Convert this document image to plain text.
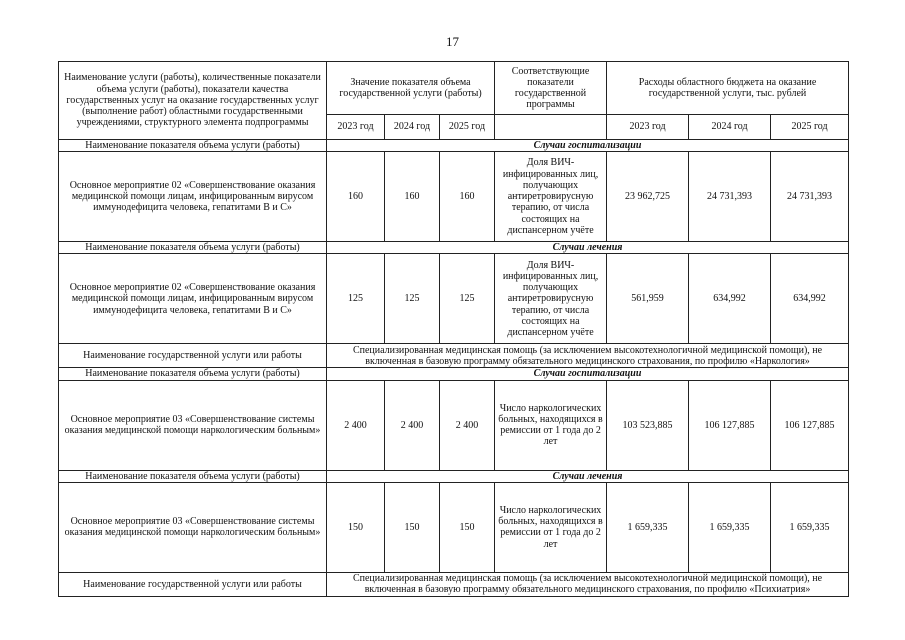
17
Наименование услуги (работы), количественные показатели объема услуги (работы), показатели качества государственных услуг на оказание государственных услуг (выполнение работ) областными государственными учреждениями, структурного элемента подпрограммы	Значение показателя объема государственной услуги (работы)			Соответствующие показатели государственной программы	Расходы областного бюджета на оказание государственной услуги, тыс. рублей		
	2023 год	2024 год	2025 год		2023 год	2024 год	2025 год
Наименование показателя объема услуги (работы)	Случаи госпитализации						
Основное мероприятие 02 «Совершенствование оказания медицинской помощи лицам, инфицированным вирусом иммунодефицита человека, гепатитами В и С»	160	160	160	Доля ВИЧ-инфицированных лиц, получающих антиретровирусную терапию, от числа состоящих на диспансерном учёте	23 962,725	24 731,393	24 731,393
Наименование показателя объема услуги (работы)	Случаи лечения						
Основное мероприятие 02 «Совершенствование оказания медицинской помощи лицам, инфицированным вирусом иммунодефицита человека, гепатитами В и С»	125	125	125	Доля ВИЧ-инфицированных лиц, получающих антиретровирусную терапию, от числа состоящих на диспансерном учёте	561,959	634,992	634,992
Наименование государственной услуги или работы	Специализированная медицинская помощь (за исключением высокотехнологичной медицинской помощи), не включенная в базовую программу обязательного медицинского страхования, по профилю «Наркология»						
Наименование показателя объема услуги (работы)	Случаи госпитализации						
Основное мероприятие 03 «Совершенствование системы оказания медицинской помощи наркологическим больным»	2 400	2 400	2 400	Число наркологических больных, находящихся в ремиссии от 1 года до 2 лет	103 523,885	106 127,885	106 127,885
Наименование показателя объема услуги (работы)	Случаи лечения						
Основное мероприятие 03 «Совершенствование системы оказания медицинской помощи наркологическим больным»	150	150	150	Число наркологических больных, находящихся в ремиссии от 1 года до 2 лет	1 659,335	1 659,335	1 659,335
Наименование государственной услуги или работы	Специализированная медицинская помощь (за исключением высокотехнологичной медицинской помощи), не включенная в базовую программу обязательного медицинского страхования, по профилю «Психиатрия»						
